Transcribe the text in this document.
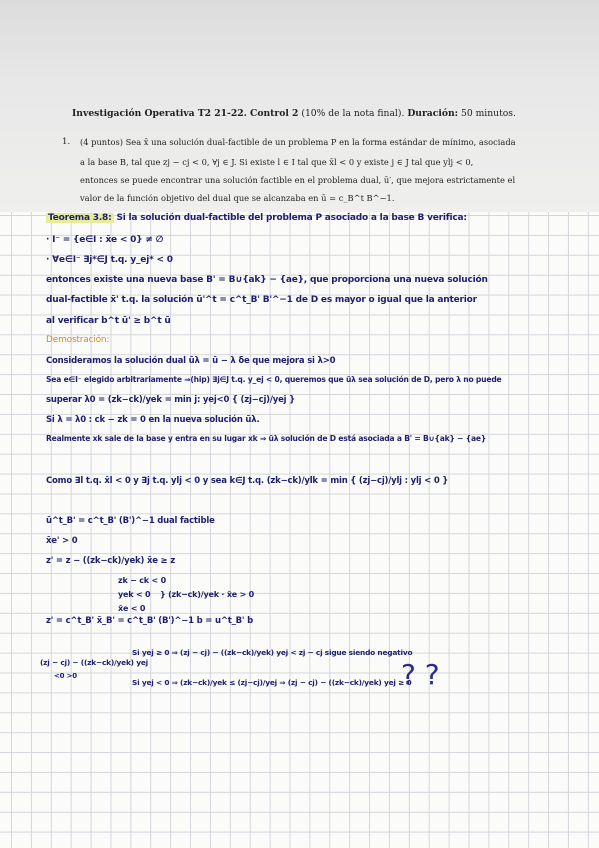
Investigación Operativa T2 21-22. Control 2 (10% de la nota final). Duración: 50 minutos.
1. (4 puntos) Sea x̄ una solución dual-factible de un problema P en la forma estándar de mínimo, asociada
a la base B, tal que zj − cj < 0, ∀j ∈ J. Si existe l ∈ I tal que x̄l < 0 y existe j ∈ J tal que ylj < 0,
entonces se puede encontrar una solución factible en el problema dual, ū′, que mejora estrictamente el
valor de la función objetivo del dual que se alcanzaba en ū = c_B^t B^−1.
Teorema 3.8: Si la solución dual-factible del problema P asociado a la base B verifica:
· I⁻ = {e∈I : x̄e < 0} ≠ ∅
· ∀e∈I⁻ ∃j*∈J t.q. y_ej* < 0
entonces existe una nueva base B' = B∪{ak} − {ae}, que proporciona una nueva solución
dual-factible x̄' t.q. la solución ū'^t = c^t_B' B'^−1 de D es mayor o igual que la anterior
al verificar b^t ū' ≥ b^t ū
Demostración:
Consideramos la solución dual ūλ = ū − λ δe que mejora si λ>0
Sea e∈I⁻ elegido arbitrariamente ⇒(hip) ∃j∈J t.q. y_ej < 0, queremos que ūλ sea solución de D, pero λ no puede
superar λ0 = (zk−ck)/yek = min j: yej<0 { (zj−cj)/yej }
Si λ = λ0 : ck − zk = 0 en la nueva solución ūλ.
Realmente xk sale de la base y entra en su lugar xk ⇒ ūλ solución de D está asociada a B' = B∪{ak} − {ae}
Como ∃l t.q. x̄l < 0 y ∃j t.q. ylj < 0 y sea k∈J t.q. (zk−ck)/ylk = min { (zj−cj)/ylj : ylj < 0 }
ū^t_B' = c^t_B' (B')^−1 dual factible
x̄e' > 0
z' = z − ((zk−ck)/yek) x̄e ≥ z
zk − ck < 0
yek < 0
x̄e < 0
} (zk−ck)/yek · x̄e > 0
z' = c^t_B' x̄_B' = c^t_B' (B')^−1 b = u^t_B' b
(zj − cj) − ((zk−ck)/yek) yej
<0 >0
Si yej ≥ 0 ⇒ (zj − cj) − ((zk−ck)/yek) yej < zj − cj sigue siendo negativo
Si yej < 0 ⇒ (zk−ck)/yek ≤ (zj−cj)/yej ⇒ (zj − cj) − ((zk−ck)/yek) yej ≥ 0
? ?
